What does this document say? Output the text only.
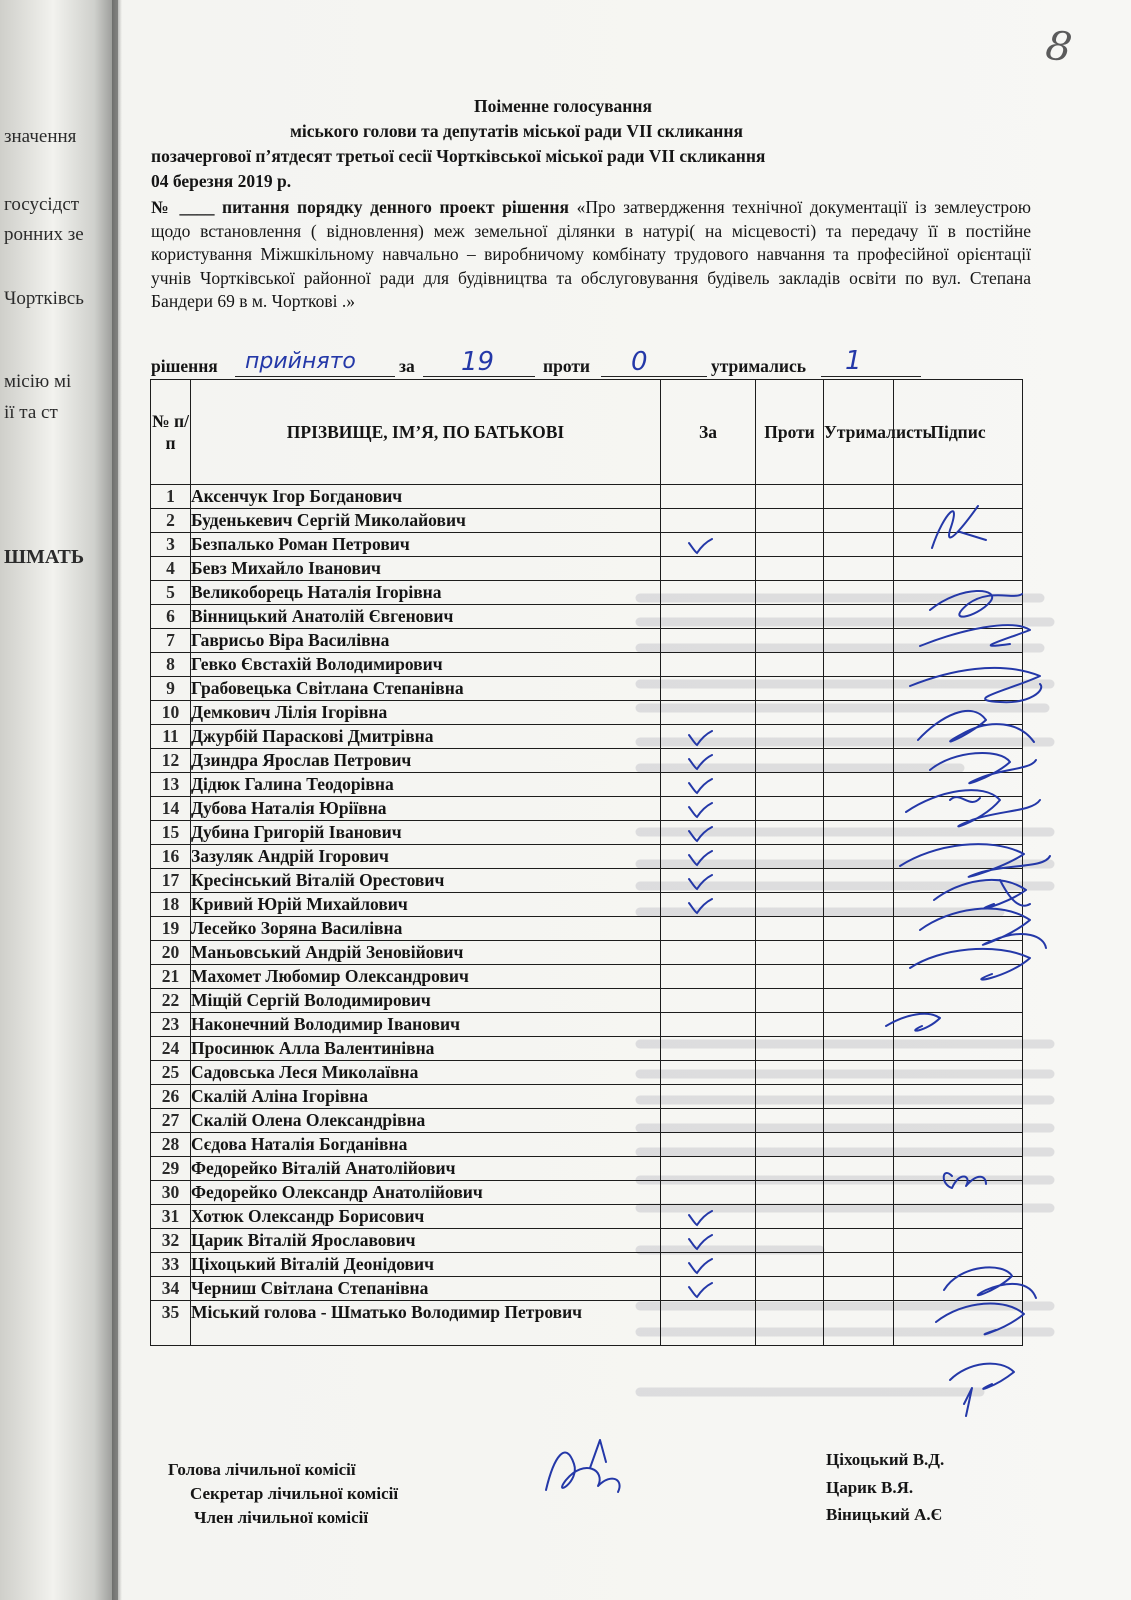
значення
госусідст
ронних зе
Чортківсь
місію мі
ії та ст
ШМАТЬ
8
Поіменне голосування
міського голови та депутатів міської ради VII скликання
позачергової п’ятдесят третьої сесії Чортківської міської ради VII скликання
04 березня 2019 р.
№ ____ питання порядку денного проект рішення «Про затвердження технічної документації із землеустрою щодо встановлення ( відновлення) меж земельної ділянки в натурі( на місцевості) та передачу її в постійне користування Міжшкільному навчально – виробничому комбінату трудового навчання та професійної орієнтації учнів Чортківської районної ради для будівництва та обслуговування будівель закладів освіти по вул. Степана Бандери 69 в м. Чорткові .»
рішення прийнято за 19	проти 0	утримались 1
№ п/п	ПРІЗВИЩЕ, ІМ’Я, ПО БАТЬКОВІ	За	Проти	Утрималисть	Підпис
1	Аксенчук Ігор Богданович				
2	Буденькевич Сергій Миколайович				
3	Безпалько Роман Петрович	

4	Бевз Михайло Іванович				
5	Великоборець Наталія Ігорівна				
6	Вінницький Анатолій Євгенович				
7	Гаврисьо Віра Василівна				
8	Гевко Євстахій Володимирович				
9	Грабовецька Світлана Степанівна				
10	Демкович Лілія Ігорівна				
11	Джурбій Параскові Дмитрівна	

12	Дзиндра Ярослав Петрович	

13	Дідюк Галина Теодорівна	

14	Дубова Наталія Юріївна	

15	Дубина Григорій Іванович	

16	Зазуляк Андрій Ігорович	

17	Кресінський Віталій Орестович	

18	Кривий Юрій Михайлович	

19	Лесейко Зоряна Василівна				
20	Маньовський Андрій Зеновійович				
21	Махомет Любомир Олександрович				
22	Міщій Сергій Володимирович				
23	Наконечний Володимир Іванович				
24	Просинюк Алла Валентинівна				
25	Садовська Леся Миколаївна				
26	Скалій Аліна Ігорівна				
27	Скалій Олена Олександрівна				
28	Сєдова Наталія Богданівна				
29	Федорейко Віталій Анатолійович				
30	Федорейко Олександр Анатолійович				
31	Хотюк Олександр Борисович	

32	Царик Віталій Ярославович	

33	Ціхоцький Віталій Деонідович	

34	Черниш Світлана Степанівна	

35	Міський голова - Шматько Володимир Петрович				
Голова лічильної комісії
Секретар лічильної комісії
Член лічильної комісії
Ціхоцький В.Д.
Царик В.Я.
Віницький А.Є
